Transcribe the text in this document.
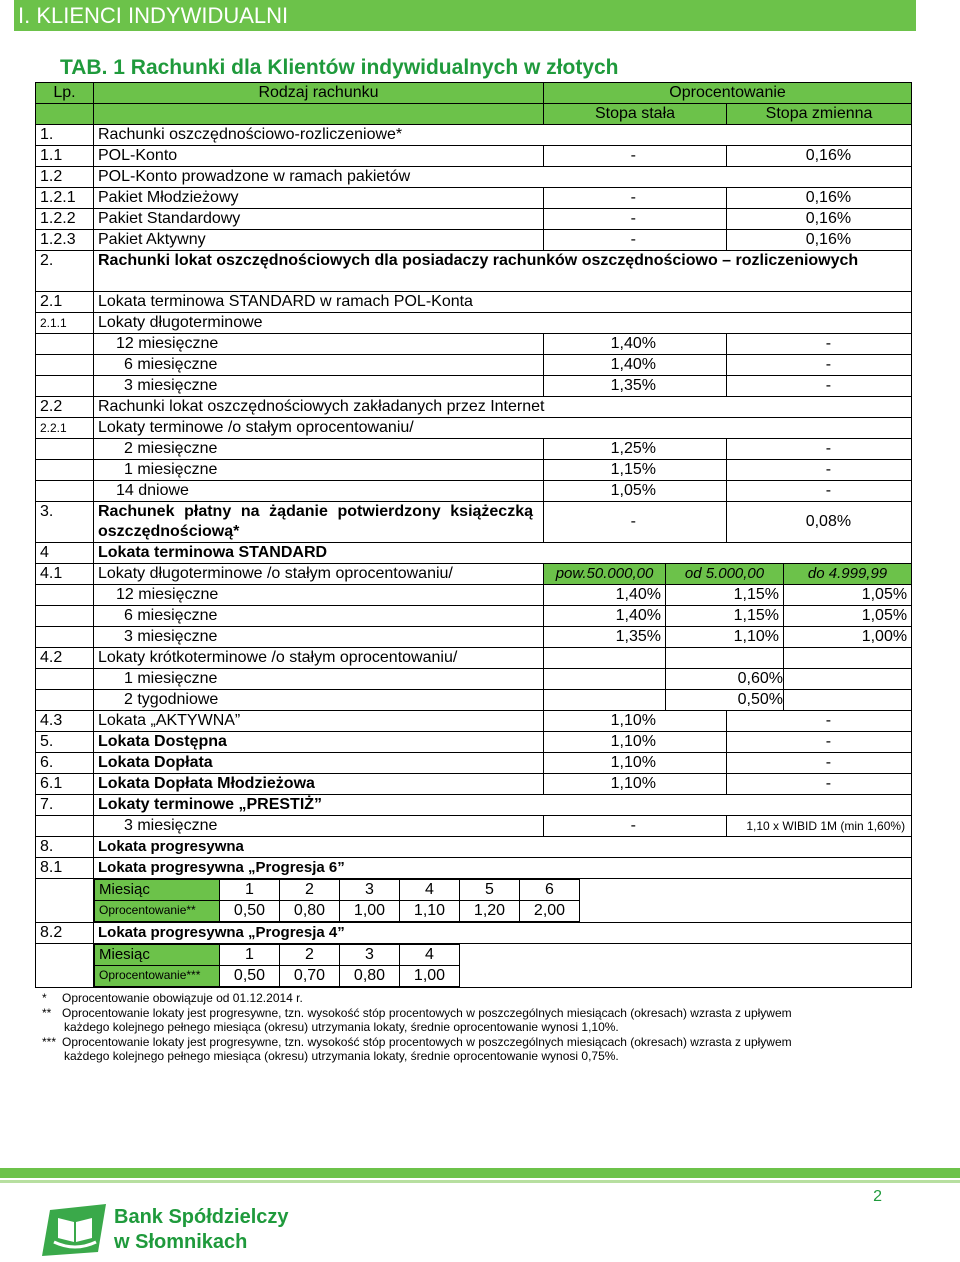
I. KLIENCI INDYWIDUALNI
TAB. 1 Rachunki dla Klientów indywidualnych w złotych
Lp.	Rodzaj rachunku	Oprocentowanie
		Stopa stała	Stopa zmienna
1.	Rachunki oszczędnościowo-rozliczeniowe*
1.1	POL-Konto	-	0,16%
1.2	POL-Konto prowadzone w ramach pakietów
1.2.1	Pakiet Młodzieżowy	-	0,16%
1.2.2	Pakiet Standardowy	-	0,16%
1.2.3	Pakiet Aktywny	-	0,16%
2.	Rachunki lokat oszczędnościowych dla posiadaczy rachunków oszczędnościowo – rozliczeniowych
2.1	Lokata terminowa STANDARD w ramach POL-Konta
2.1.1	Lokaty długoterminowe
	12 miesięczne	1,40%	-
	6 miesięczne	1,40%	-
	3 miesięczne	1,35%	-
2.2	Rachunki lokat oszczędnościowych zakładanych przez Internet
2.2.1	Lokaty terminowe /o stałym oprocentowaniu/
	2 miesięczne	1,25%	-
	1 miesięczne	1,15%	-
	14 dniowe	1,05%	-
3.	Rachunek płatny na żądanie potwierdzony książeczką oszczędnościową*	-	0,08%
4	Lokata terminowa STANDARD
4.1	Lokaty długoterminowe /o stałym oprocentowaniu/	pow.50.000,00	od 5.000,00	do 4.999,99
	12 miesięczne	1,40%	1,15%	1,05%
	6 miesięczne	1,40%	1,15%	1,05%
	3 miesięczne	1,35%	1,10%	1,00%
4.2	Lokaty krótkoterminowe /o stałym oprocentowaniu/			
	1 miesięczne		0,60%	
	2 tygodniowe		0,50%	
4.3	Lokata „AKTYWNA”	1,10%	-
5.	Lokata Dostępna	1,10%	-
6.	Lokata Dopłata	1,10%	-
6.1	Lokata Dopłata Młodzieżowa	1,10%	-
7.	Lokaty terminowe „PRESTIŻ”
	3 miesięczne	-	1,10 x WIBID 1M (min 1,60%)
8.	Lokata progresywna
8.1	Lokata progresywna „Progresja 6”

Miesiąc	1	2	3	4	5	6
Oprocentowanie**	0,50	0,80	1,00	1,10	1,20	2,00

8.2	Lokata progresywna „Progresja 4”

Miesiąc	1	2	3	4
Oprocentowanie***	0,50	0,70	0,80	1,00
* Oprocentowanie obowiązuje od 01.12.2014 r.
** Oprocentowanie lokaty jest progresywne, tzn. wysokość stóp procentowych w poszczególnych miesiącach (okresach) wzrasta z upływem
każdego kolejnego pełnego miesiąca (okresu) utrzymania lokaty, średnie oprocentowanie wynosi 1,10%.
*** Oprocentowanie lokaty jest progresywne, tzn. wysokość stóp procentowych w poszczególnych miesiącach (okresach) wzrasta z upływem
każdego kolejnego pełnego miesiąca (okresu) utrzymania lokaty, średnie oprocentowanie wynosi 0,75%.
2
Bank Spółdzielczy
w Słomnikach
